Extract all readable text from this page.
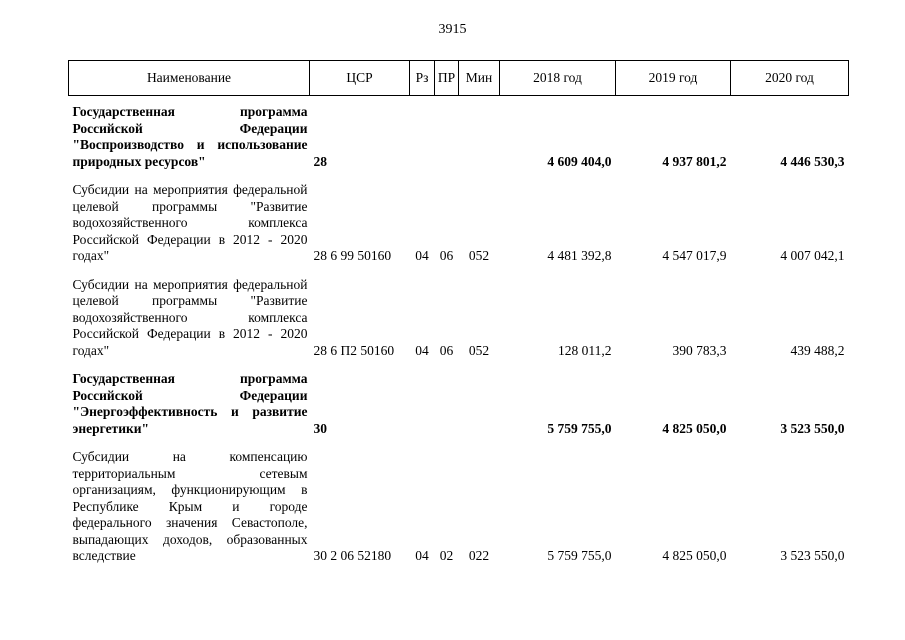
3915
Наименование	ЦСР	Рз	ПР	Мин	2018 год	2019 год	2020 год

Государственная программа Российской Федерации "Воспроизводство и использование природных ресурсов"	28				4 609 404,0	4 937 801,2	4 446 530,3

Субсидии на мероприятия федеральной целевой программы "Развитие водохозяйственного комплекса Российской Федерации в 2012 - 2020 годах"	28 6 99 50160	04	06	052	4 481 392,8	4 547 017,9	4 007 042,1

Субсидии на мероприятия федеральной целевой программы "Развитие водохозяйственного комплекса Российской Федерации в 2012 - 2020 годах"	28 6 П2 50160	04	06	052	128 011,2	390 783,3	439 488,2

Государственная программа Российской Федерации "Энергоэффективность и развитие энергетики"	30				5 759 755,0	4 825 050,0	3 523 550,0

Субсидии на компенсацию территориальным сетевым организациям, функционирующим в Республике Крым и городе федерального значения Севастополе, выпадающих доходов, образованных вследствие	30 2 06 52180	04	02	022	5 759 755,0	4 825 050,0	3 523 550,0
